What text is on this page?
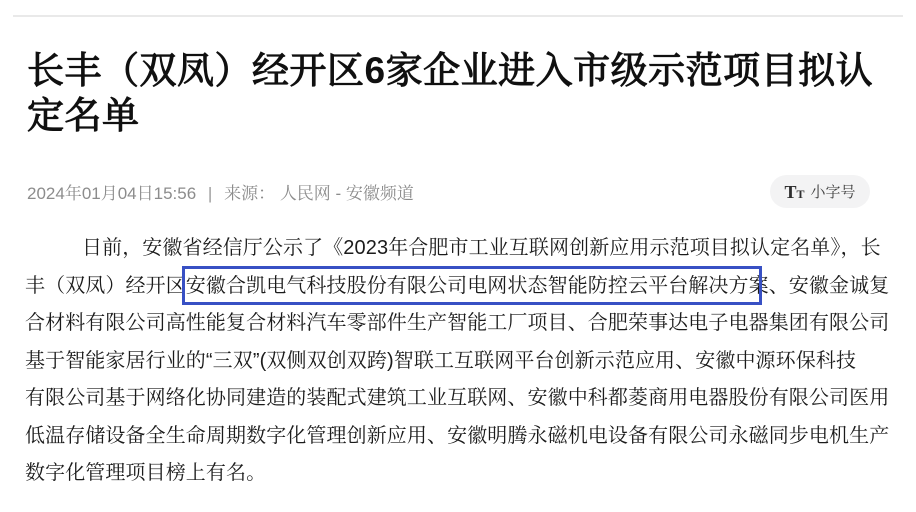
长丰（双凤）经开区6家企业进入市级示范项目拟认
定名单
2024年01月04日15:56 | 来源： 人民网 - 安徽频道	T T 小字号
日前，安徽省经信厅公示了《2023年合肥市工业互联网创新应用示范项目拟认定名单》，长
丰（双凤）经开区安徽合凯电气科技股份有限公司电网状态智能防控云平台解决方案、安徽金诚复
合材料有限公司高性能复合材料汽车零部件生产智能工厂项目、合肥荣事达电子电器集团有限公司
基于智能家居行业的“三双”(双侧双创双跨)智联工互联网平台创新示范应用、安徽中源环保科技
有限公司基于网络化协同建造的装配式建筑工业互联网、安徽中科都菱商用电器股份有限公司医用
低温存储设备全生命周期数字化管理创新应用、安徽明腾永磁机电设备有限公司永磁同步电机生产
数字化管理项目榜上有名。
